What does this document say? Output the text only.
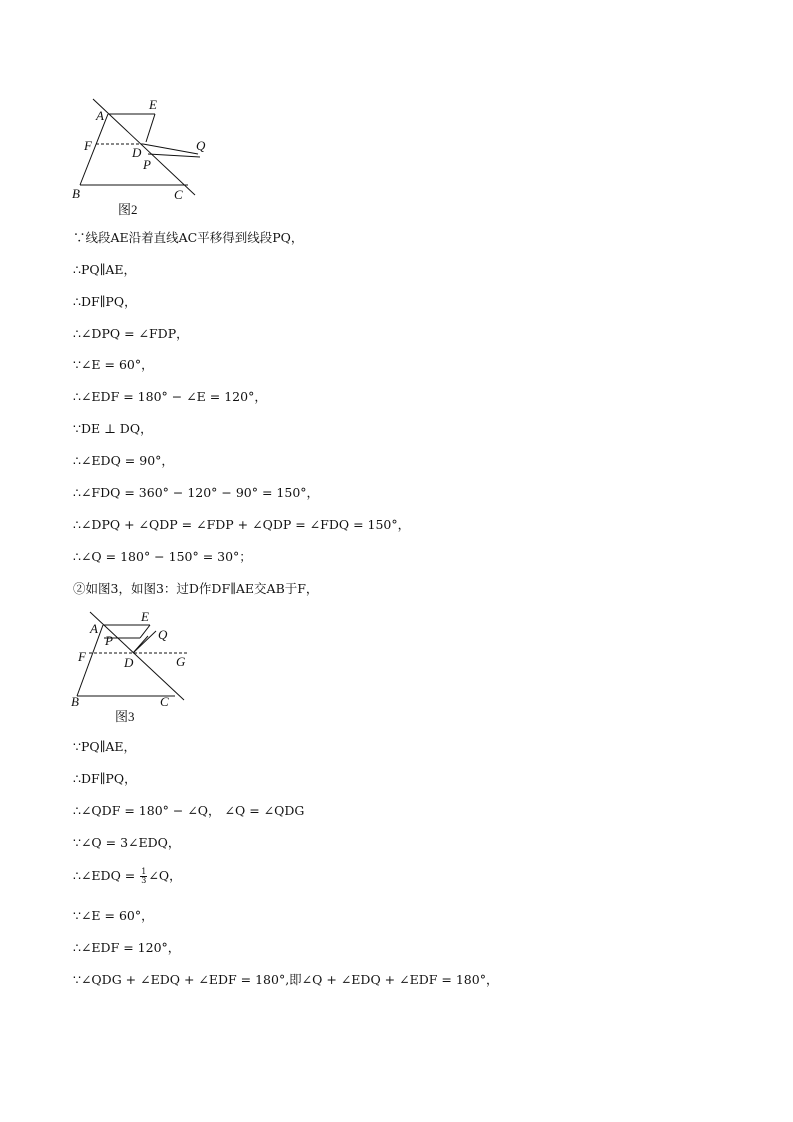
A
E
F	D
P
Q
B	C
图2
∵线段AE沿着直线AC平移得到线段PQ，
∴PQ∥AE，
∴DF∥PQ，
∴∠DPQ = ∠FDP，
∵∠E = 60°，
∴∠EDF = 180° − ∠E = 120°，
∵DE ⊥ DQ，
∴∠EDQ = 90°，
∴∠FDQ = 360° − 120° − 90° = 150°，
∴∠DPQ + ∠QDP = ∠FDP + ∠QDP = ∠FDQ = 150°，
∴∠Q = 180° − 150° = 30°；
②如图3，如图3：过D作DF∥AE交AB于F，
A
E
P	Q
F	D	G
B	C
图3
∵PQ∥AE，
∴DF∥PQ，
∴∠QDF = 180° − ∠Q， ∠Q = ∠QDG
∵∠Q = 3∠EDQ，
∴∠EDQ = $\frac{1}{3}$ ∠Q，
∵∠E = 60°，
∴∠EDF = 120°，
∵∠QDG + ∠EDQ + ∠EDF = 180°,即∠Q + ∠EDQ + ∠EDF = 180°，
